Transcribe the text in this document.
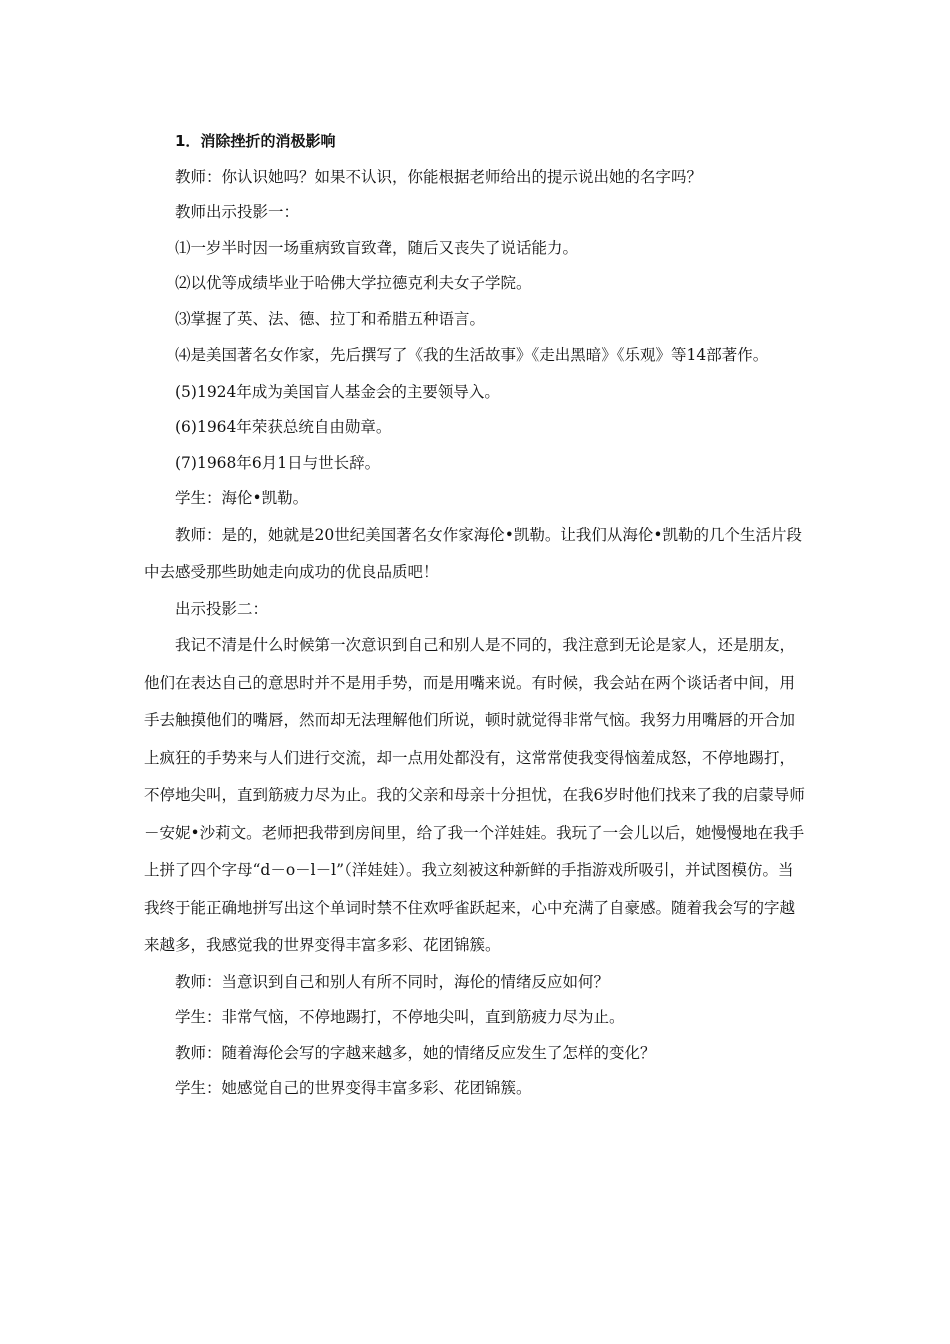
1．消除挫折的消极影响

教师：你认识她吗？如果不认识，你能根据老师给出的提示说出她的名字吗？

教师出示投影一：

⑴一岁半时因一场重病致盲致聋，随后又丧失了说话能力。

⑵以优等成绩毕业于哈佛大学拉德克利夫女子学院。

⑶掌握了英、法、德、拉丁和希腊五种语言。

⑷是美国著名女作家，先后撰写了《我的生活故事》《走出黑暗》《乐观》等14部著作。

(5)1924年成为美国盲人基金会的主要领导入。

(6)1964年荣获总统自由勋章。

(7)1968年6月1日与世长辞。

学生：海伦•凯勒。

教师：是的，她就是20世纪美国著名女作家海伦•凯勒。让我们从海伦•凯勒的几个生活片段中去感受那些助她走向成功的优良品质吧！

出示投影二：

我记不清是什么时候第一次意识到自己和别人是不同的，我注意到无论是家人，还是朋友，他们在表达自己的意思时并不是用手势，而是用嘴来说。有时候，我会站在两个谈话者中间，用手去触摸他们的嘴唇，然而却无法理解他们所说，顿时就觉得非常气恼。我努力用嘴唇的开合加上疯狂的手势来与人们进行交流，却一点用处都没有，这常常使我变得恼羞成怒，不停地踢打，不停地尖叫，直到筋疲力尽为止。我的父亲和母亲十分担忧，在我6岁时他们找来了我的启蒙导师－安妮•沙莉文。老师把我带到房间里，给了我一个洋娃娃。我玩了一会儿以后，她慢慢地在我手上拼了四个字母“d－o－l－l”（洋娃娃）。我立刻被这种新鲜的手指游戏所吸引，并试图模仿。当我终于能正确地拼写出这个单词时禁不住欢呼雀跃起来，心中充满了自豪感。随着我会写的字越来越多，我感觉我的世界变得丰富多彩、花团锦簇。

教师：当意识到自己和别人有所不同时，海伦的情绪反应如何？

学生：非常气恼，不停地踢打，不停地尖叫，直到筋疲力尽为止。

教师：随着海伦会写的字越来越多，她的情绪反应发生了怎样的变化？

学生：她感觉自己的世界变得丰富多彩、花团锦簇。
